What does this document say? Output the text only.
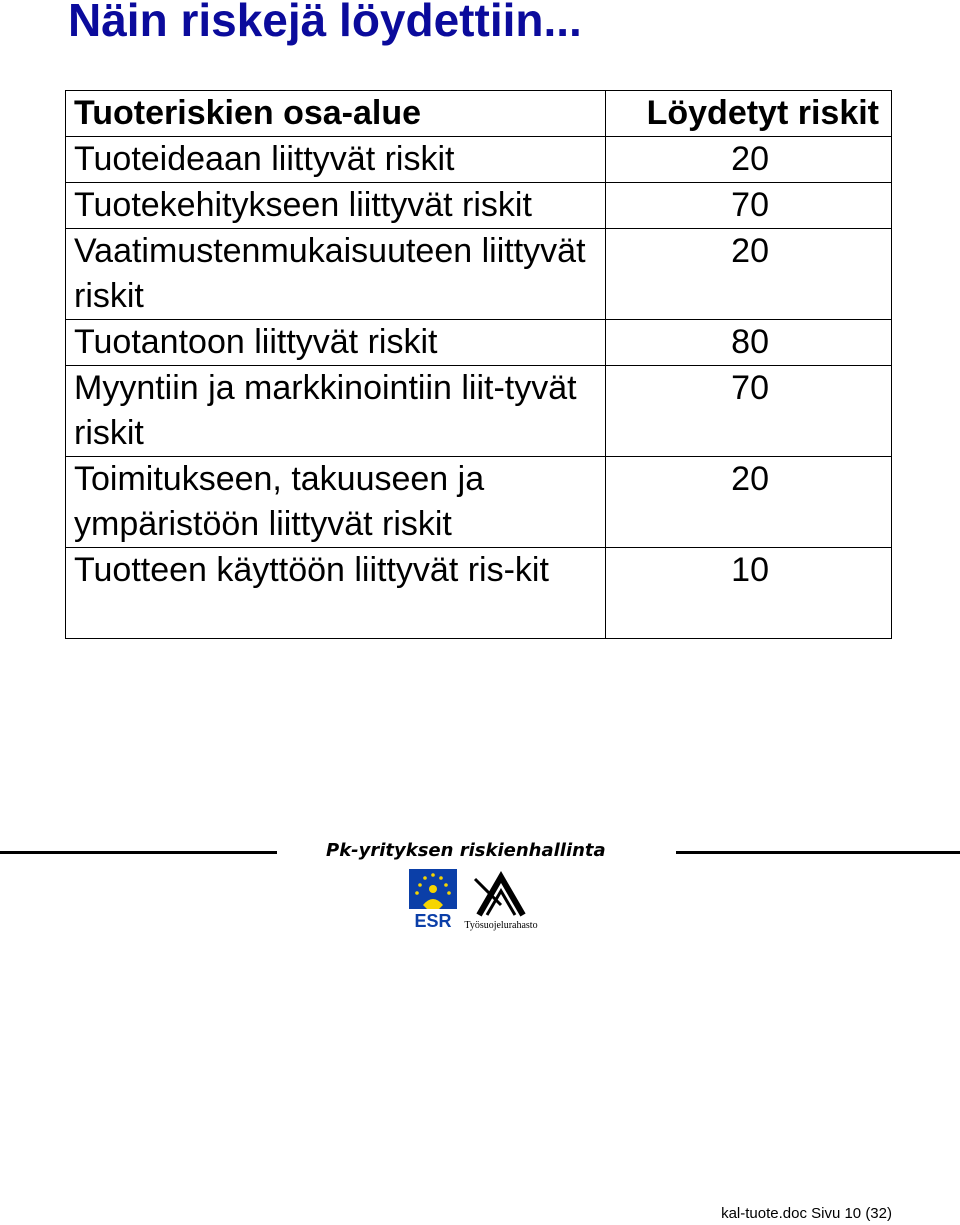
Näin riskejä löydettiin...
Tuoteriskien osa-alue	Löydetyt riskit
Tuoteideaan liittyvät riskit	20
Tuotekehitykseen liittyvät riskit	70
Vaatimustenmukaisuuteen liittyvät riskit	20
Tuotantoon liittyvät riskit	80
Myyntiin ja markkinointiin liit-tyvät riskit	70
Toimitukseen, takuuseen ja ympäristöön liittyvät riskit	20
Tuotteen käyttöön liittyvät ris-kit	10
Pk-yrityksen riskienhallinta
ESR Työsuojelurahasto
kal-tuote.doc Sivu 10 (32)
